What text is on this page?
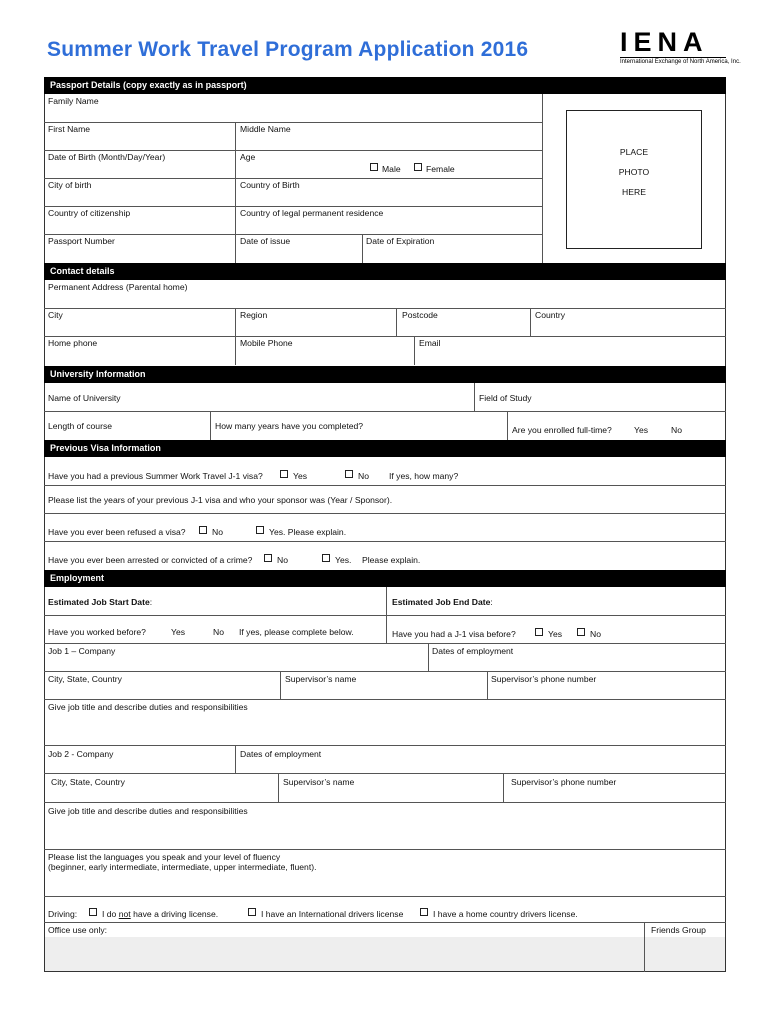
Summer Work Travel Program Application 2016	IENA
International Exchange of North America, Inc.
Passport Details (copy exactly as in passport)
Family Name
First Name	Middle Name
Date of Birth (Month/Day/Year)	Age
Male	Female
City of birth	Country of Birth
Country of citizenship	Country of legal permanent residence
Passport Number	Date of issue	Date of Expiration
PLACE
PHOTO
HERE
Contact details
Permanent Address (Parental home)
City	Region	Postcode	Country
Home phone	Mobile Phone	Email
University Information
Name of University	Field of Study
Length of course	How many years have you completed?	Are you enrolled full-time?	Yes	No
Previous Visa Information
Have you had a previous Summer Work Travel J-1 visa?	Yes	No If yes, how many?
Please list the years of your previous J-1 visa and who your sponsor was (Year / Sponsor).
Have you ever been refused a visa?	No	Yes. Please explain.
Have you ever been arrested or convicted of a crime?	No	Yes. Please explain.
Employment
Estimated Job Start Date:	Estimated Job End Date:
Have you worked before?	Yes	No If yes, please complete below.	Have you had a J-1 visa before?	Yes	No
Job 1 – Company	Dates of employment
City, State, Country	Supervisor’s name	Supervisor’s phone number
Give job title and describe duties and responsibilities
Job 2 - Company	Dates of employment
City, State, Country	Supervisor’s name	Supervisor’s phone number
Give job title and describe duties and responsibilities
Please list the languages you speak and your level of fluency
(beginner, early intermediate, intermediate, upper intermediate, fluent).
Driving:	I do not have a driving license.	I have an International drivers license	I have a home country drivers license.
Office use only:	Friends Group
